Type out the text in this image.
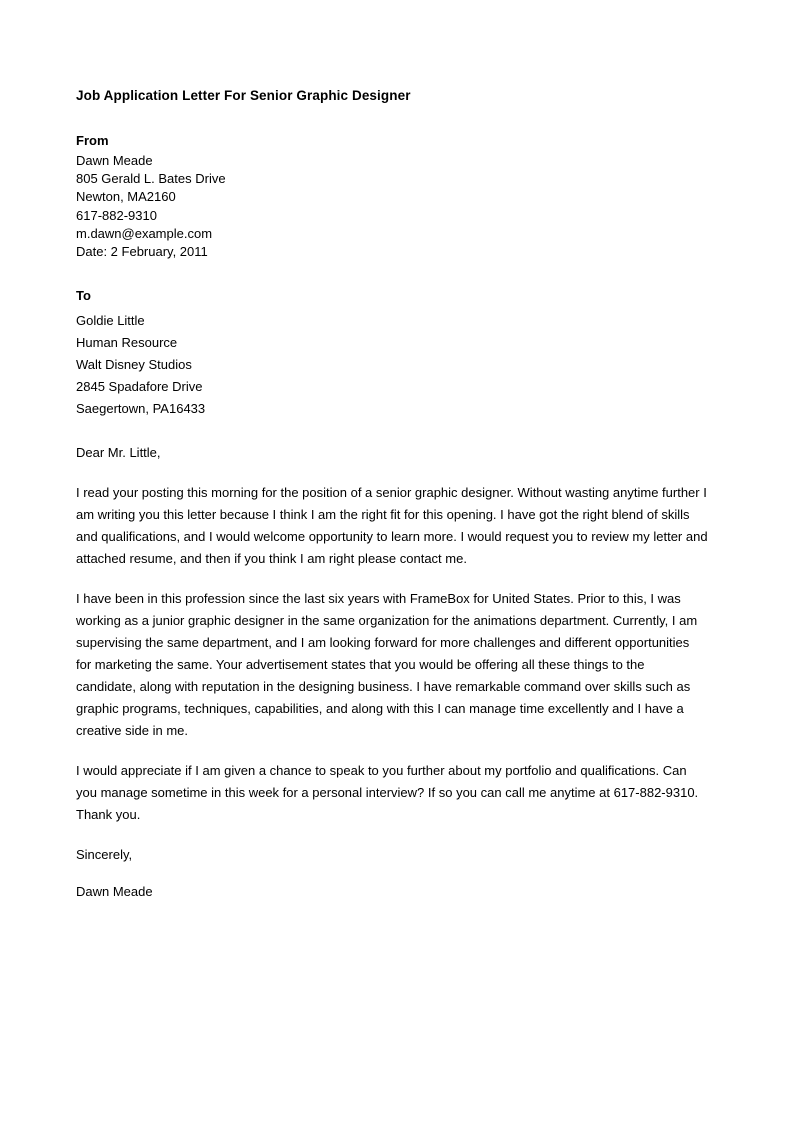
Job Application Letter For Senior Graphic Designer
From
Dawn Meade
805 Gerald L. Bates Drive
Newton, MA2160
617-882-9310
m.dawn@example.com
Date: 2 February, 2011
To
Goldie Little
Human Resource
Walt Disney Studios
2845 Spadafore Drive
Saegertown, PA16433
Dear Mr. Little,

I read your posting this morning for the position of a senior graphic designer. Without wasting anytime further I am writing you this letter because I think I am the right fit for this opening. I have got the right blend of skills and qualifications, and I would welcome opportunity to learn more. I would request you to review my letter and attached resume, and then if you think I am right please contact me.

I have been in this profession since the last six years with FrameBox for United States. Prior to this, I was working as a junior graphic designer in the same organization for the animations department. Currently, I am supervising the same department, and I am looking forward for more challenges and different opportunities for marketing the same. Your advertisement states that you would be offering all these things to the candidate, along with reputation in the designing business. I have remarkable command over skills such as graphic programs, techniques, capabilities, and along with this I can manage time excellently and I have a creative side in me.

I would appreciate if I am given a chance to speak to you further about my portfolio and qualifications. Can you manage sometime in this week for a personal interview? If so you can call me anytime at 617-882-9310. Thank you.

Sincerely,
Dawn Meade
